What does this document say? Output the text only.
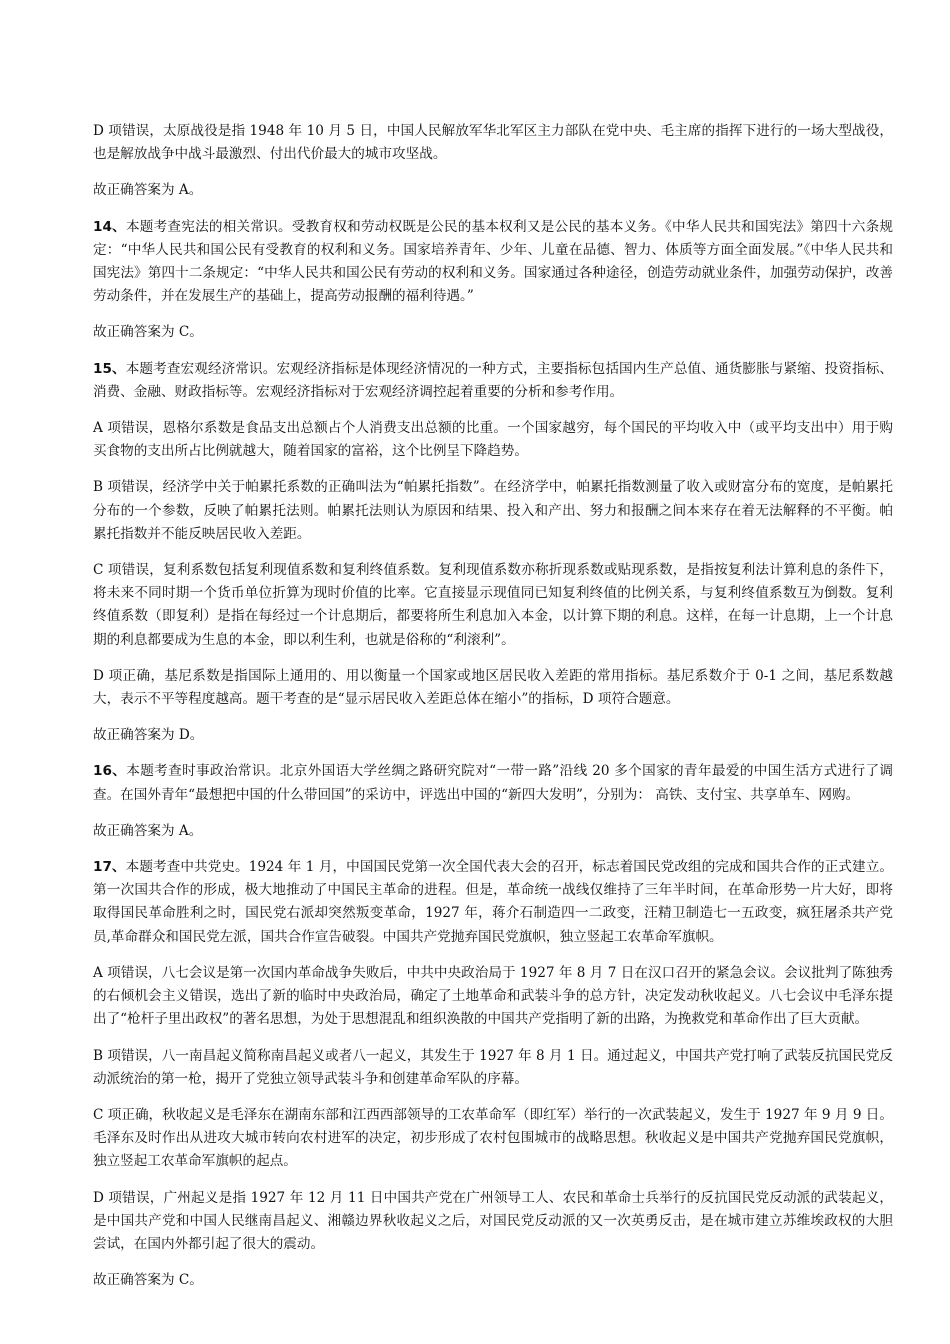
D 项错误，太原战役是指 1948 年 10 月 5 日，中国人民解放军华北军区主力部队在党中央、毛主席的指挥下进行的一场大型战役，也是解放战争中战斗最激烈、付出代价最大的城市攻坚战。

故正确答案为 A。

14、本题考查宪法的相关常识。受教育权和劳动权既是公民的基本权利又是公民的基本义务。《中华人民共和国宪法》第四十六条规定：“中华人民共和国公民有受教育的权利和义务。国家培养青年、少年、儿童在品德、智力、体质等方面全面发展。”《中华人民共和国宪法》第四十二条规定：“中华人民共和国公民有劳动的权利和义务。国家通过各种途径，创造劳动就业条件，加强劳动保护，改善劳动条件，并在发展生产的基础上，提高劳动报酬的福利待遇。”

故正确答案为 C。

15、本题考查宏观经济常识。宏观经济指标是体现经济情况的一种方式，主要指标包括国内生产总值、通货膨胀与紧缩、投资指标、消费、金融、财政指标等。宏观经济指标对于宏观经济调控起着重要的分析和参考作用。

A 项错误，恩格尔系数是食品支出总额占个人消费支出总额的比重。一个国家越穷，每个国民的平均收入中（或平均支出中）用于购买食物的支出所占比例就越大，随着国家的富裕，这个比例呈下降趋势。

B 项错误，经济学中关于帕累托系数的正确叫法为“帕累托指数”。在经济学中，帕累托指数测量了收入或财富分布的宽度，是帕累托分布的一个参数，反映了帕累托法则。帕累托法则认为原因和结果、投入和产出、努力和报酬之间本来存在着无法解释的不平衡。帕累托指数并不能反映居民收入差距。

C 项错误，复利系数包括复利现值系数和复利终值系数。复利现值系数亦称折现系数或贴现系数，是指按复利法计算利息的条件下，将未来不同时期一个货币单位折算为现时价值的比率。它直接显示现值同已知复利终值的比例关系，与复利终值系数互为倒数。复利终值系数（即复利）是指在每经过一个计息期后，都要将所生利息加入本金，以计算下期的利息。这样，在每一计息期，上一个计息期的利息都要成为生息的本金，即以利生利，也就是俗称的“利滚利”。

D 项正确，基尼系数是指国际上通用的、用以衡量一个国家或地区居民收入差距的常用指标。基尼系数介于 0-1 之间，基尼系数越大，表示不平等程度越高。题干考查的是“显示居民收入差距总体在缩小”的指标，D 项符合题意。

故正确答案为 D。

16、本题考查时事政治常识。北京外国语大学丝绸之路研究院对“一带一路”沿线 20 多个国家的青年最爱的中国生活方式进行了调查。在国外青年“最想把中国的什么带回国”的采访中，评选出中国的“新四大发明”，分别为： 高铁、支付宝、共享单车、网购。

故正确答案为 A。

17、本题考查中共党史。1924 年 1 月，中国国民党第一次全国代表大会的召开，标志着国民党改组的完成和国共合作的正式建立。第一次国共合作的形成，极大地推动了中国民主革命的进程。但是，革命统一战线仅维持了三年半时间，在革命形势一片大好，即将取得国民革命胜利之时，国民党右派却突然叛变革命，1927 年，蒋介石制造四一二政变，汪精卫制造七一五政变，疯狂屠杀共产党员,革命群众和国民党左派，国共合作宣告破裂。中国共产党抛弃国民党旗帜，独立竖起工农革命军旗帜。

A 项错误，八七会议是第一次国内革命战争失败后，中共中央政治局于 1927 年 8 月 7 日在汉口召开的紧急会议。会议批判了陈独秀的右倾机会主义错误，选出了新的临时中央政治局，确定了土地革命和武装斗争的总方针，决定发动秋收起义。八七会议中毛泽东提出了“枪杆子里出政权”的著名思想，为处于思想混乱和组织涣散的中国共产党指明了新的出路，为挽救党和革命作出了巨大贡献。

B 项错误，八一南昌起义简称南昌起义或者八一起义，其发生于 1927 年 8 月 1 日。通过起义，中国共产党打响了武装反抗国民党反动派统治的第一枪，揭开了党独立领导武装斗争和创建革命军队的序幕。

C 项正确，秋收起义是毛泽东在湖南东部和江西西部领导的工农革命军（即红军）举行的一次武装起义，发生于 1927 年 9 月 9 日。毛泽东及时作出从进攻大城市转向农村进军的决定，初步形成了农村包围城市的战略思想。秋收起义是中国共产党抛弃国民党旗帜，独立竖起工农革命军旗帜的起点。

D 项错误，广州起义是指 1927 年 12 月 11 日中国共产党在广州领导工人、农民和革命士兵举行的反抗国民党反动派的武装起义，是中国共产党和中国人民继南昌起义、湘赣边界秋收起义之后，对国民党反动派的又一次英勇反击，是在城市建立苏维埃政权的大胆尝试，在国内外都引起了很大的震动。

故正确答案为 C。
